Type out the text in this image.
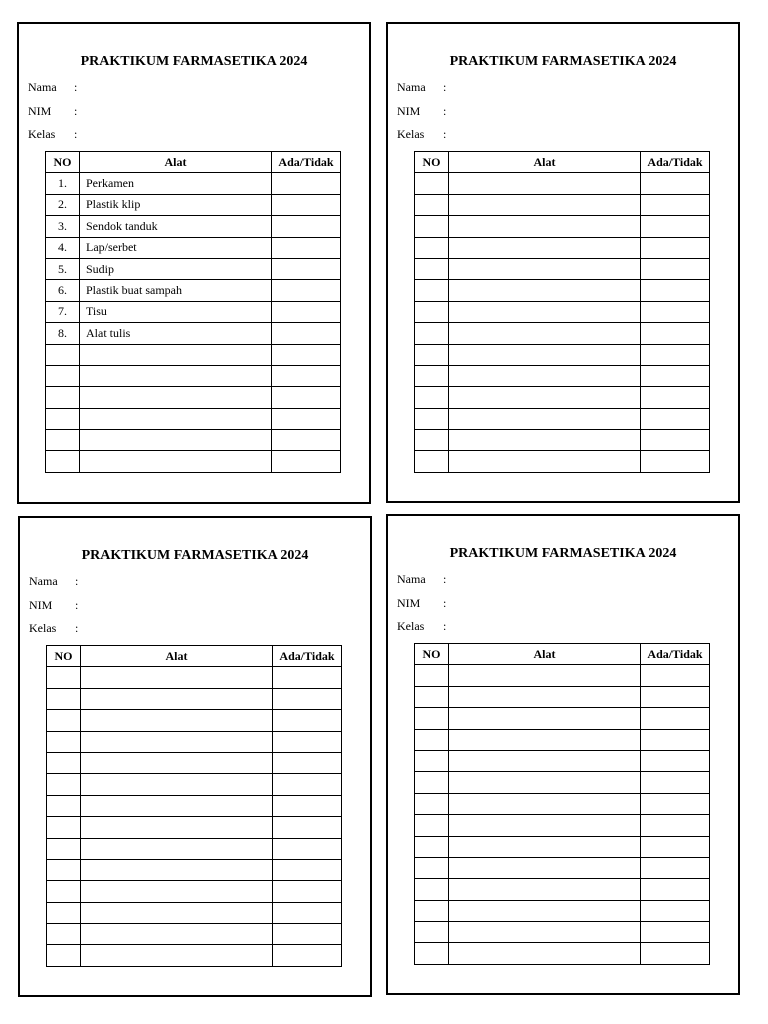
PRAKTIKUM FARMASETIKA 2024
Nama :
NIM :
Kelas :
NO	Alat	Ada/Tidak
1.	Perkamen	
2.	Plastik klip	
3.	Sendok tanduk	
4.	Lap/serbet	
5.	Sudip	
6.	Plastik buat sampah	
7.	Tisu	
8.	Alat tulis	

PRAKTIKUM FARMASETIKA 2024
Nama :
NIM :
Kelas :
NO	Alat	Ada/Tidak

PRAKTIKUM FARMASETIKA 2024
Nama :
NIM :
Kelas :
NO	Alat	Ada/Tidak

PRAKTIKUM FARMASETIKA 2024
Nama :
NIM :
Kelas :
NO	Alat	Ada/Tidak
